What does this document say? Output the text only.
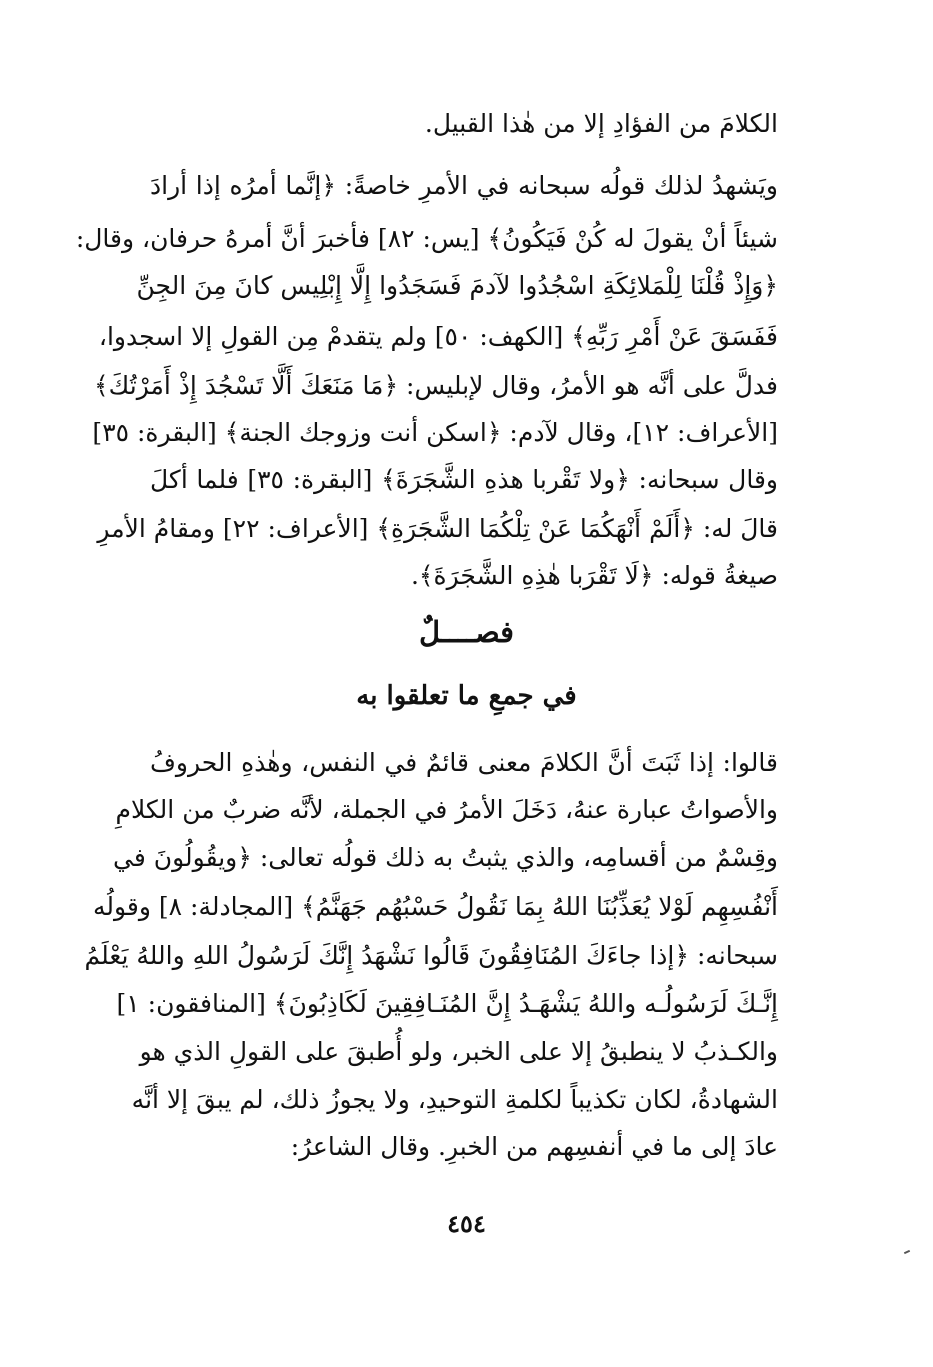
الكلامَ من الفؤادِ إلا من هٰذا القبيل.
ويَشهدُ لذلك قولُه سبحانه في الأمرِ خاصةً: ﴿إنَّما أمرُه إذا أرادَ
شيئاً أنْ يقولَ له كُنْ فَيَكُونُ﴾ [يس: ٨٢] فأخبرَ أنَّ أمرهُ حرفان، وقال:
﴿وَإِذْ قُلْنَا لِلْمَلائِكَةِ اسْجُدُوا لآدمَ فَسَجَدُوا إِلَّا إِبْلِيس كانَ مِنَ الجِنِّ
فَفَسَقَ عَنْ أَمْرِ رَبِّهِ﴾ [الكهف: ٥٠] ولم يتقدمْ مِن القولِ إلا اسجدوا،
فدلَّ على أنَّه هو الأمرُ، وقال لإبليس: ﴿مَا مَنَعَكَ أَلَّا تَسْجُدَ إِذْ أَمَرْتُكَ﴾
[الأعراف: ١٢]، وقال لآدم: ﴿اسكن أنت وزوجك الجنة﴾ [البقرة: ٣٥]
وقال سبحانه: ﴿ولا تَقْربا هذهِ الشَّجَرَةَ﴾ [البقرة: ٣٥] فلما أكلَ
قالَ له: ﴿أَلَمْ أَنْهَكُمَا عَنْ تِلْكُمَا الشَّجَرَةِ﴾ [الأعراف: ٢٢] ومقامُ الأمرِ
صيغةُ قوله: ﴿لَا تَقْرَبا هٰذِهِ الشَّجَرَةَ﴾.
فصــــلٌ
في جمعِ ما تعلقوا به
قالوا: إذا ثَبَتَ أنَّ الكلامَ معنى قائمٌ في النفس، وهٰذهِ الحروفُ
والأصواتُ عبارة عنهُ، دَخَلَ الأمرُ في الجملة، لأنَّه ضربٌ من الكلامِ
وقِسْمٌ من أقسامِه، والذي يثبتُ به ذلك قولُه تعالى: ﴿ويقُولُونَ في
أَنْفُسِهِم لَوْلا يُعَذِّبُنَا اللهُ بِمَا نَقُولُ حَسْبُهُم جَهَنَّمُ﴾ [المجادلة: ٨] وقولُه
سبحانه: ﴿إذا جاءَكَ المُنَافِقُونَ قَالُوا نَشْهَدُ إِنَّكَ لَرَسُولُ اللهِ واللهُ يَعْلَمُ
إِنَّـكَ لَرَسُولُـه واللهُ يَشْهَـدُ إِنَّ المُنَـافِقِينَ لَكَاذِبُونَ﴾ [المنافقون: ١]
والكـذبُ لا ينطبقُ إلا على الخبر، ولو أُطبقَ على القولِ الذي هو
الشهادةُ، لكان تكذيباً لكلمةِ التوحيدِ، ولا يجوزُ ذلك، لم يبقَ إلا أنَّه
عادَ إلى ما في أنفسِهم من الخبرِ. وقال الشاعرُ:
٤٥٤
